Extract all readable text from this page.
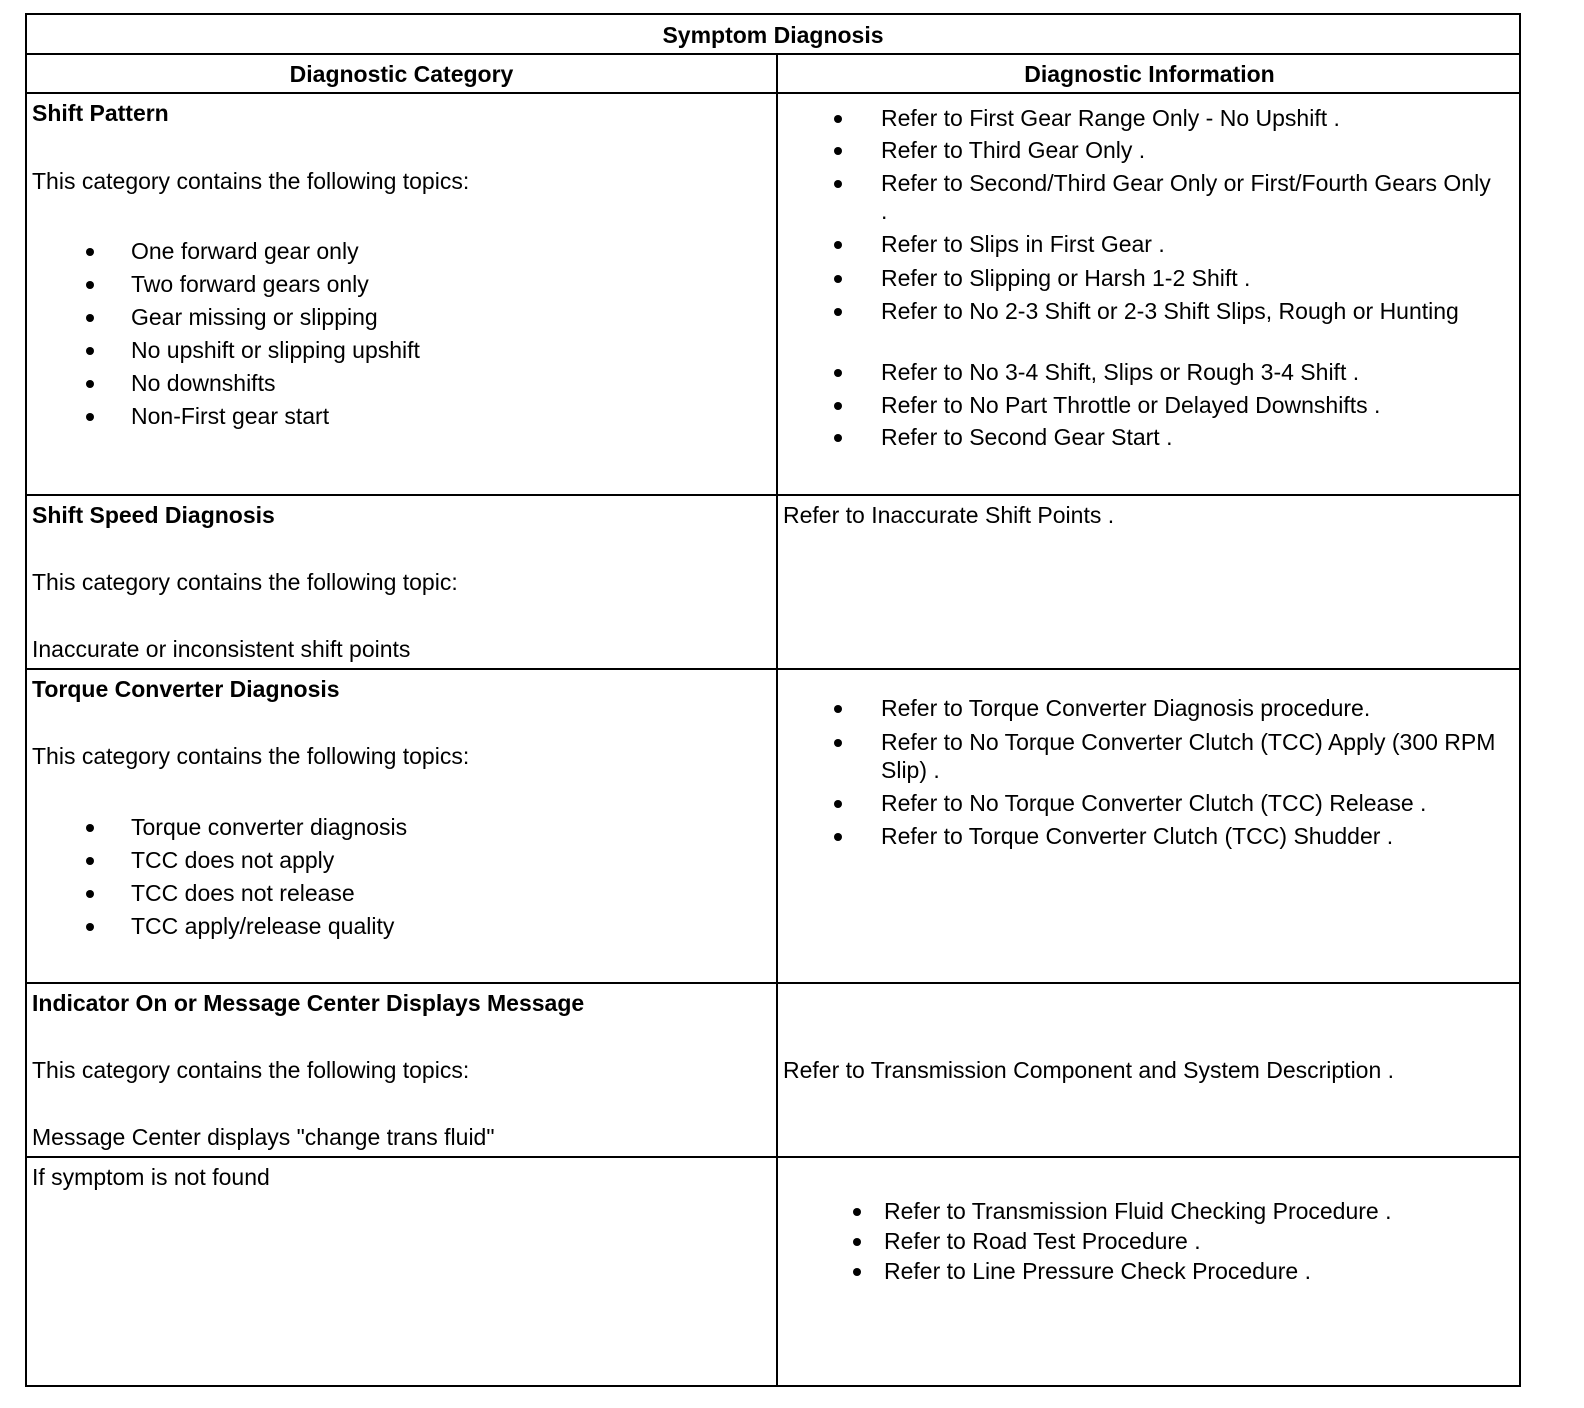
Symptom Diagnosis
Diagnostic Category	Diagnostic Information
Shift Pattern
This category contains the following topics:
One forward gear only
Two forward gears only
Gear missing or slipping
No upshift or slipping upshift
No downshifts
Non-First gear start
Refer to First Gear Range Only - No Upshift .
Refer to Third Gear Only .
Refer to Second/Third Gear Only or First/Fourth Gears Only .
Refer to Slips in First Gear .
Refer to Slipping or Harsh 1-2 Shift .
Refer to No 2-3 Shift or 2-3 Shift Slips, Rough or Hunting
Refer to No 3-4 Shift, Slips or Rough 3-4 Shift .
Refer to No Part Throttle or Delayed Downshifts .
Refer to Second Gear Start .
Shift Speed Diagnosis
This category contains the following topic:
Inaccurate or inconsistent shift points
Refer to Inaccurate Shift Points .
Torque Converter Diagnosis
This category contains the following topics:
Torque converter diagnosis
TCC does not apply
TCC does not release
TCC apply/release quality
Refer to Torque Converter Diagnosis procedure.
Refer to No Torque Converter Clutch (TCC) Apply (300 RPM Slip) .
Refer to No Torque Converter Clutch (TCC) Release .
Refer to Torque Converter Clutch (TCC) Shudder .
Indicator On or Message Center Displays Message
This category contains the following topics:
Message Center displays "change trans fluid"
Refer to Transmission Component and System Description .
If symptom is not found
Refer to Transmission Fluid Checking Procedure .
Refer to Road Test Procedure .
Refer to Line Pressure Check Procedure .
